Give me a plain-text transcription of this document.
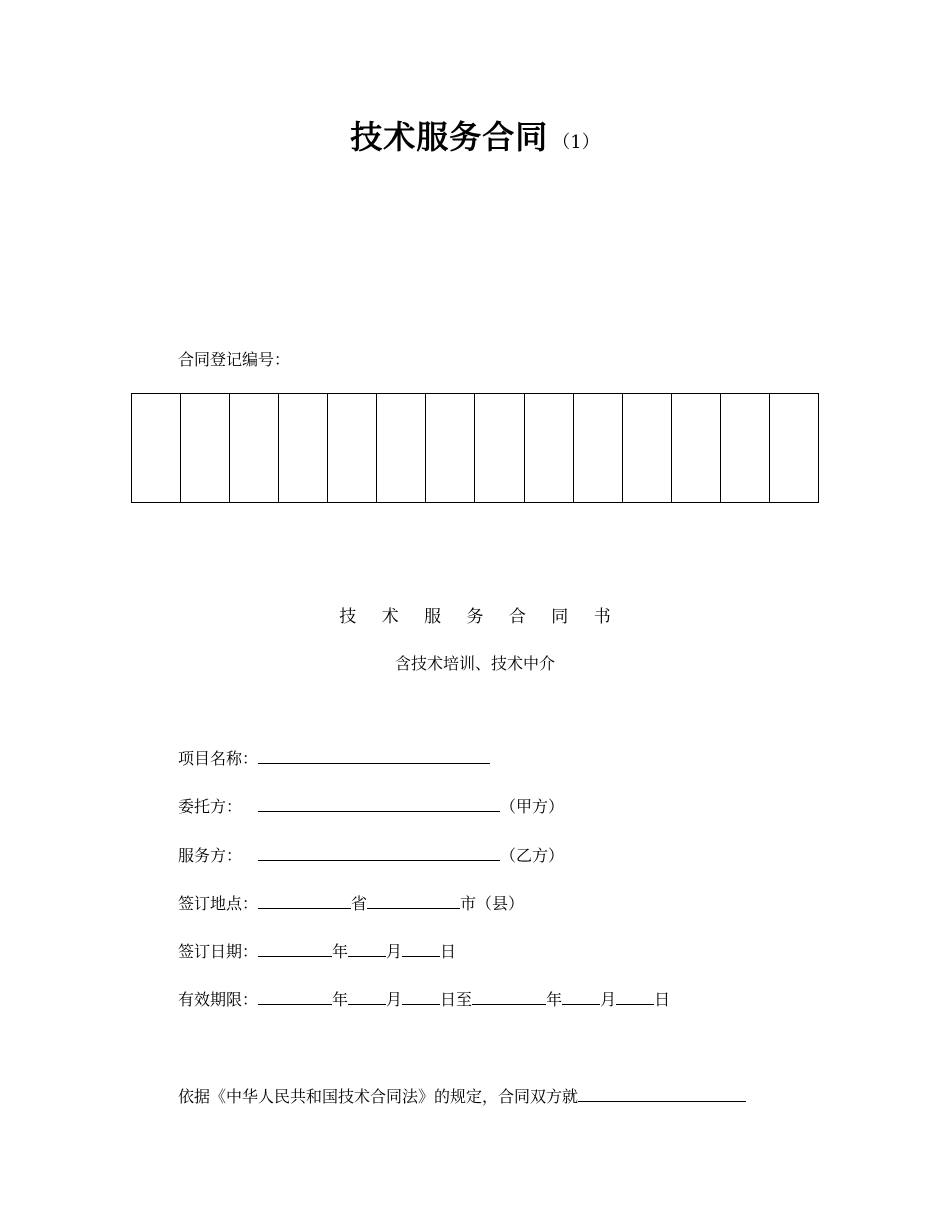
技术服务合同 （1）
合同登记编号：

技 术 服 务 合 同 书
含技术培训、技术中介
项目名称：
委托方：	（甲方）
服务方：	（乙方）
签订地点：	省	市（县）
签订日期：	年 月 日
有效期限：	年 月 日至	年 月 日
依据《中华人民共和国技术合同法》的规定，合同双方就
